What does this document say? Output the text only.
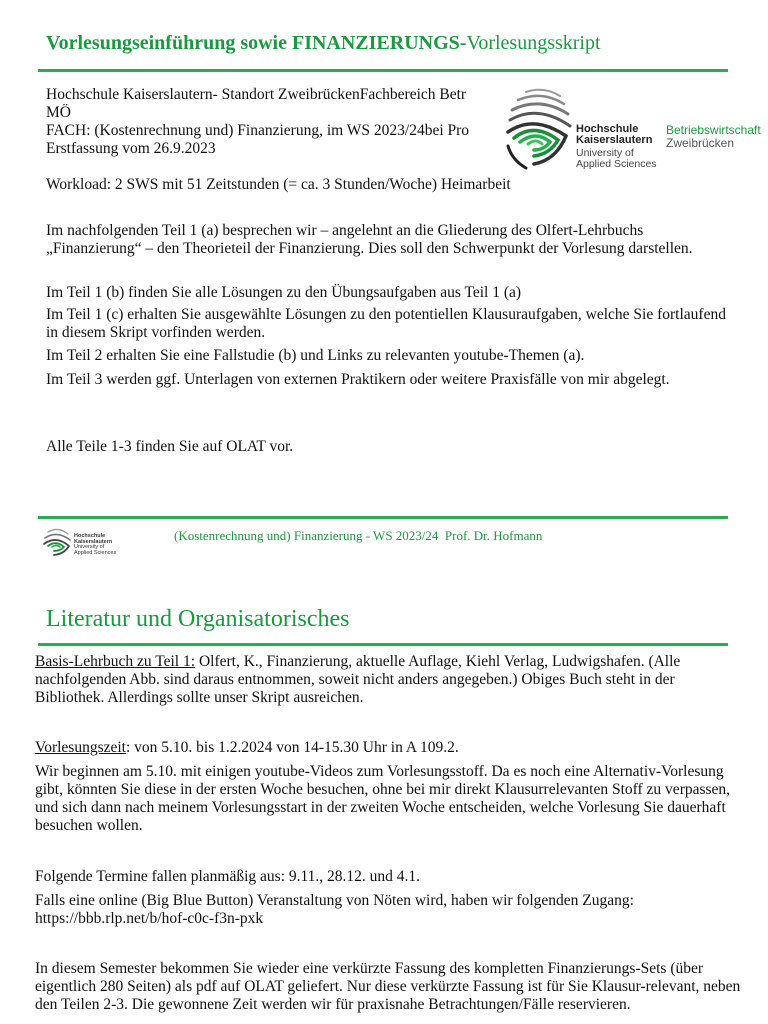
Vorlesungseinführung sowie FINANZIERUNGS-Vorlesungsskript
Hochschule Kaiserslautern- Standort ZweibrückenFachbereich Betr
MÖ
FACH: (Kostenrechnung und) Finanzierung, im WS 2023/24bei Pro
Erstfassung vom 26.9.2023
Workload: 2 SWS mit 51 Zeitstunden (= ca. 3 Stunden/Woche) Heimarbeit
Hochschule
Kaiserslautern
University of
Applied Sciences
Betriebswirtschaft
Zweibrücken
Im nachfolgenden Teil 1 (a) besprechen wir – angelehnt an die Gliederung des Olfert-Lehrbuchs „Finanzierung“ – den Theorieteil der Finanzierung. Dies soll den Schwerpunkt der Vorlesung darstellen.
Im Teil 1 (b) finden Sie alle Lösungen zu den Übungsaufgaben aus Teil 1 (a)
Im Teil 1 (c) erhalten Sie ausgewählte Lösungen zu den potentiellen Klausuraufgaben, welche Sie fortlaufend in diesem Skript vorfinden werden.
Im Teil 2 erhalten Sie eine Fallstudie (b) und Links zu relevanten youtube-Themen (a).
Im Teil 3 werden ggf. Unterlagen von externen Praktikern oder weitere Praxisfälle von mir abgelegt.
Alle Teile 1-3 finden Sie auf OLAT vor.
Hochschule
Kaiserslautern
University of
Applied Sciences
(Kostenrechnung und) Finanzierung - WS 2023/24  Prof. Dr. Hofmann
Literatur und Organisatorisches
Basis-Lehrbuch zu Teil 1: Olfert, K., Finanzierung, aktuelle Auflage, Kiehl Verlag, Ludwigshafen. (Alle nachfolgenden Abb. sind daraus entnommen, soweit nicht anders angegeben.) Obiges Buch steht in der Bibliothek. Allerdings sollte unser Skript ausreichen.
Vorlesungszeit: von 5.10. bis 1.2.2024 von 14-15.30 Uhr in A 109.2.
Wir beginnen am 5.10. mit einigen youtube-Videos zum Vorlesungsstoff. Da es noch eine Alternativ-Vorlesung gibt, könnten Sie diese in der ersten Woche besuchen, ohne bei mir direkt Klausurrelevanten Stoff zu verpassen, und sich dann nach meinem Vorlesungsstart in der zweiten Woche entscheiden, welche Vorlesung Sie dauerhaft besuchen wollen.
Folgende Termine fallen planmäßig aus: 9.11., 28.12. und 4.1.
Falls eine online (Big Blue Button) Veranstaltung von Nöten wird, haben wir folgenden Zugang:
https://bbb.rlp.net/b/hof-c0c-f3n-pxk
In diesem Semester bekommen Sie wieder eine verkürzte Fassung des kompletten Finanzierungs-Sets (über eigentlich 280 Seiten) als pdf auf OLAT geliefert. Nur diese verkürzte Fassung ist für Sie Klausur-relevant, neben den Teilen 2-3. Die gewonnene Zeit werden wir für praxisnahe Betrachtungen/Fälle reservieren.
